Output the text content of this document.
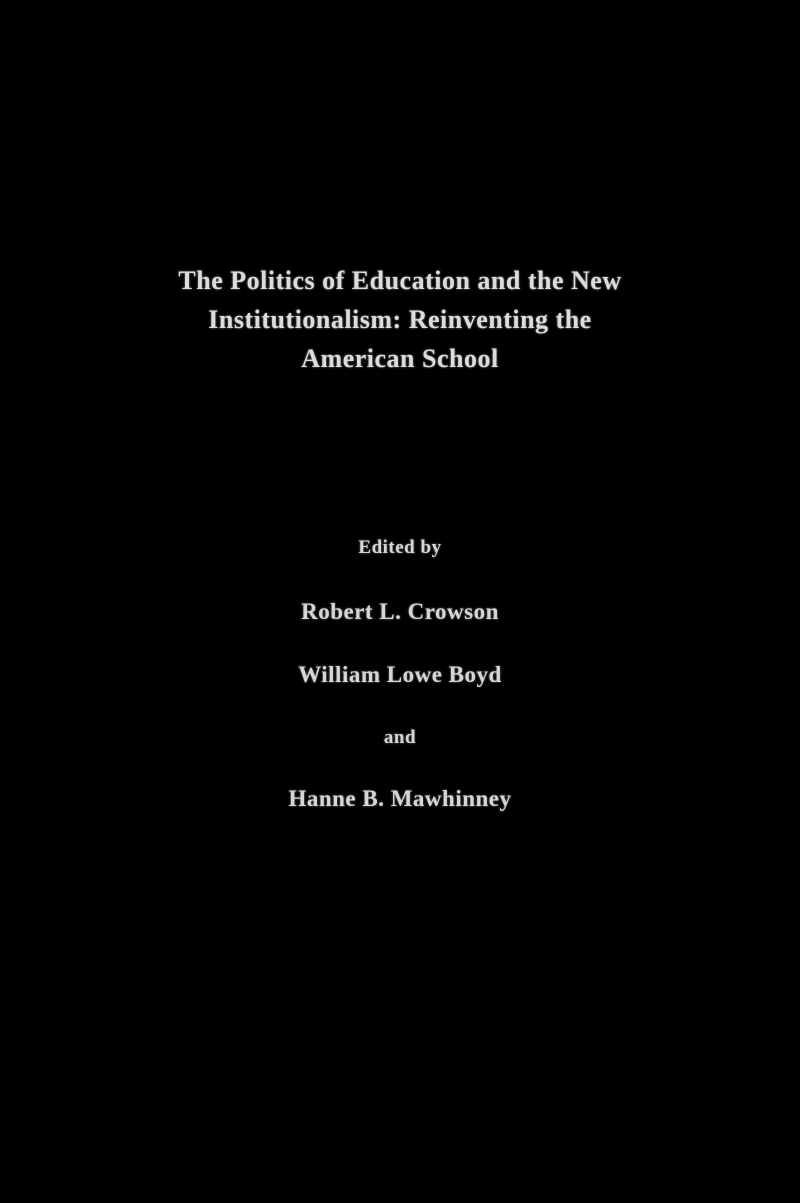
The Politics of Education and the New
Institutionalism: Reinventing the
American School
Edited by
Robert L. Crowson
William Lowe Boyd
and
Hanne B. Mawhinney
